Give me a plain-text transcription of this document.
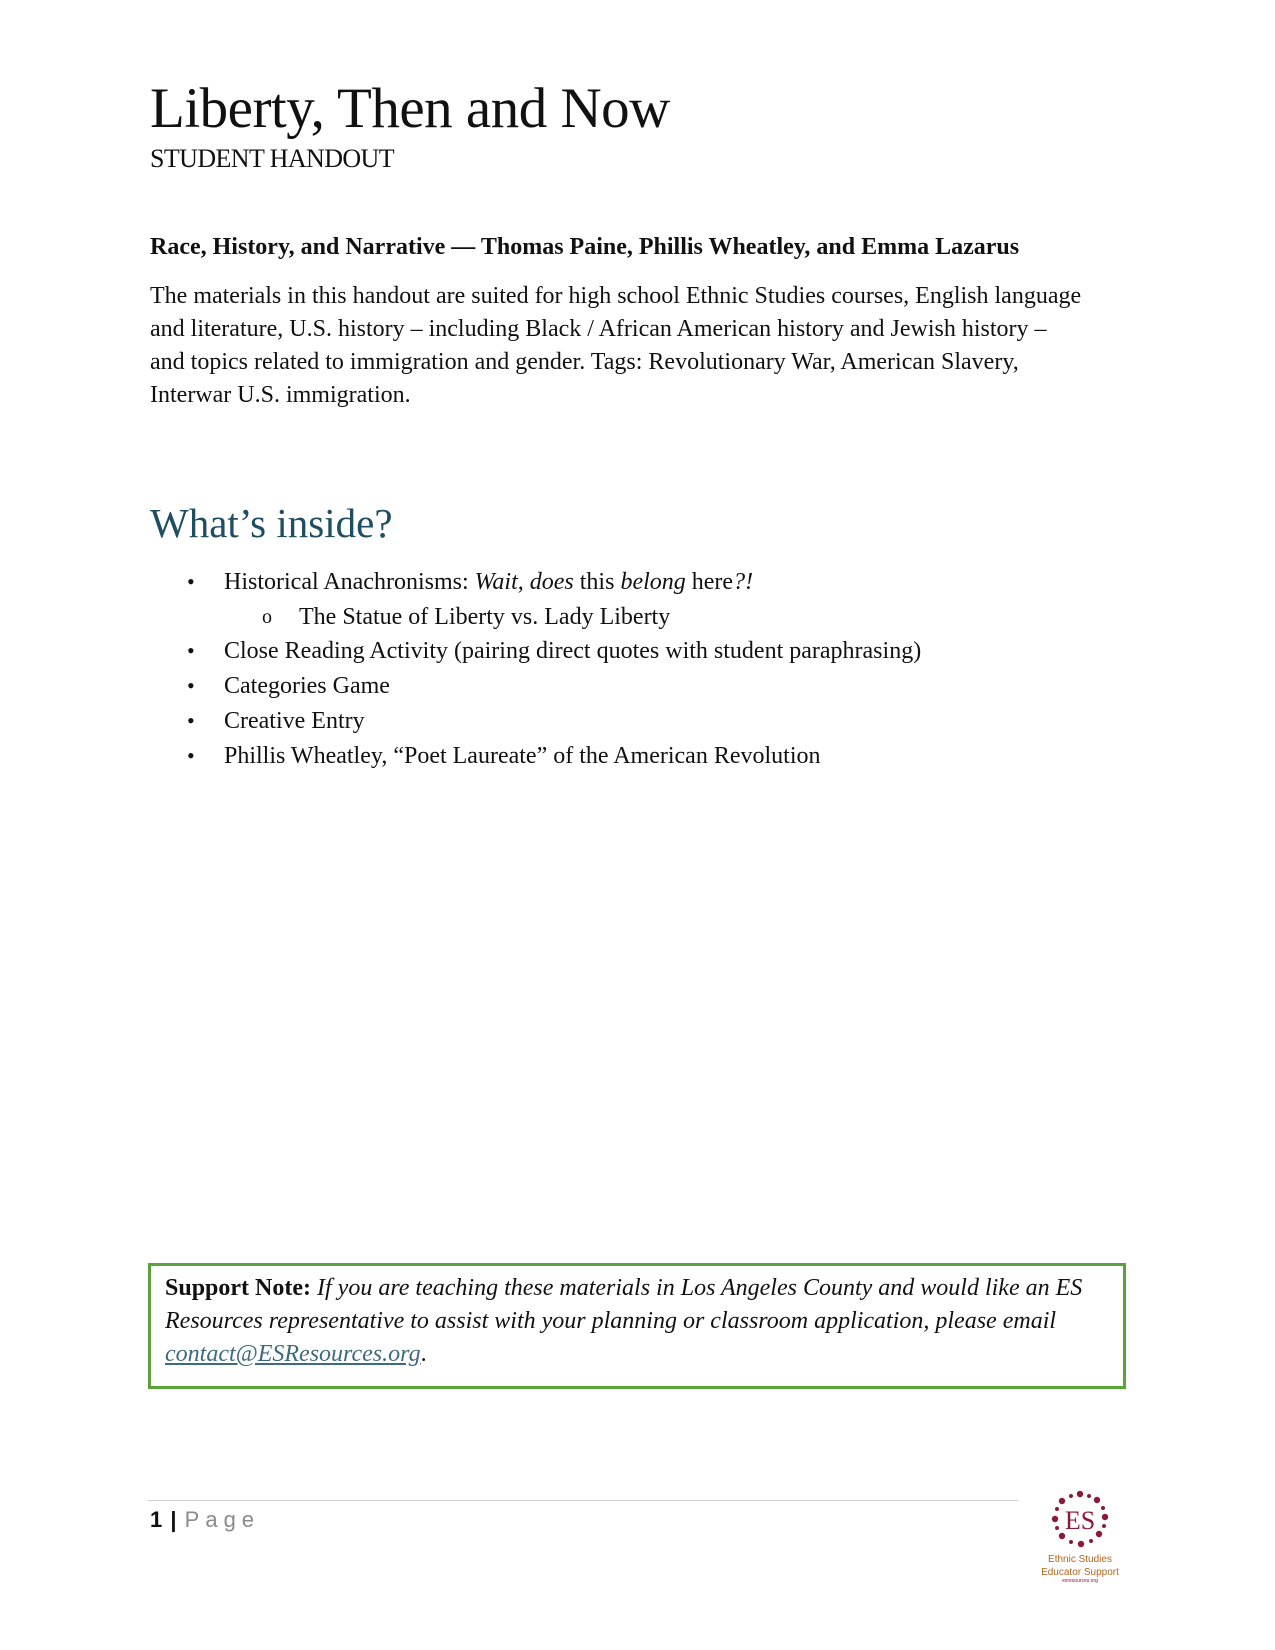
Liberty, Then and Now
STUDENT HANDOUT
Race, History, and Narrative — Thomas Paine, Phillis Wheatley, and Emma Lazarus
The materials in this handout are suited for high school Ethnic Studies courses, English language
and literature, U.S. history – including Black / African American history and Jewish history –
and topics related to immigration and gender. Tags: Revolutionary War, American Slavery,
Interwar U.S. immigration.
What’s inside?
• Historical Anachronisms: Wait, does this belong here?!
o The Statue of Liberty vs. Lady Liberty
• Close Reading Activity (pairing direct quotes with student paraphrasing)
• Categories Game
• Creative Entry
• Phillis Wheatley, “Poet Laureate” of the American Revolution
Support Note: If you are teaching these materials in Los Angeles County and would like an ES
Resources representative to assist with your planning or classroom application, please email
contact@ESResources.org.
1 | Page	ES
Ethnic Studies
Educator Support
esresources.org
